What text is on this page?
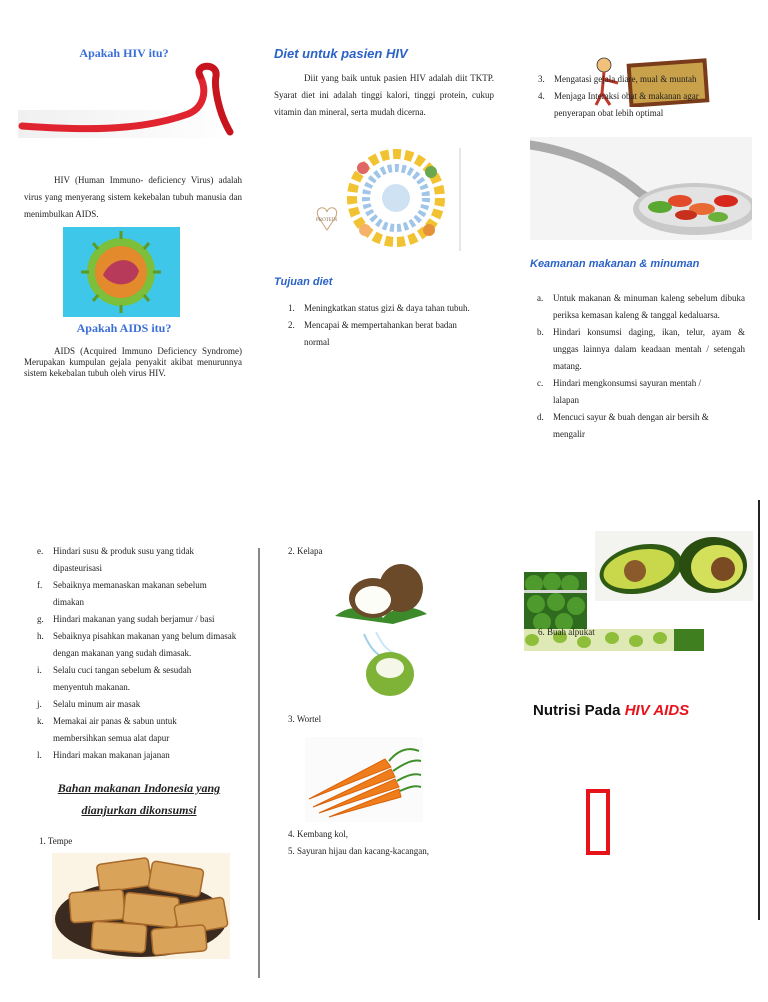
Apakah HIV itu?
HIV (Human Immuno- deficiency Virus) adalah virus yang menyerang sistem kekebalan tubuh manusia dan menimbulkan AIDS.
Apakah AIDS itu?
AIDS (Acquired Immuno Deficiency Syndrome) Merupakan kumpulan gejala penyakit akibat menurunnya sistem kekebalan tubuh oleh virus HIV.
Diet untuk pasien HIV
Diit yang baik untuk pasien HIV adalah diit TKTP. Syarat diet ini adalah tinggi kalori, tinggi protein, cukup vitamin dan mineral, serta mudah dicerna.
PROTEIN
Tujuan diet
1.	Meningkatkan status gizi & daya tahan tubuh.
2.	Mencapai & mempertahankan berat badan normal
3.	Mengatasi gejala diare, mual & muntah
4.	Menjaga Interaksi obat & makanan agar penyerapan obat lebih optimal
Keamanan makanan & minuman
a.	Untuk makanan & minuman kaleng sebelum dibuka periksa kemasan kaleng & tanggal kedaluarsa.
b.	Hindari konsumsi daging, ikan, telur, ayam & unggas lainnya dalam keadaan mentah / setengah matang.
c.	Hindari mengkonsumsi sayuran mentah / lalapan
d.	Mencuci sayur & buah dengan air bersih & mengalir
e.	Hindari susu & produk susu yang tidak dipasteurisasi
f.	Sebaiknya memanaskan makanan sebelum dimakan
g.	Hindari makanan yang sudah berjamur / basi
h.	Sebaiknya pisahkan makanan yang belum dimasak dengan makanan yang sudah dimasak.
i.	Selalu cuci tangan sebelum & sesudah menyentuh makanan.
j.	Selalu minum air masak
k.	Memakai air panas & sabun untuk membersihkan semua alat dapur
l.	Hindari makan makanan jajanan
Bahan makanan Indonesia yang dianjurkan dikonsumsi
1. Tempe
2. Kelapa
3. Wortel
4. Kembang kol,
5. Sayuran hijau dan kacang-kacangan,
6. Buah alpukat
Nutrisi Pada HIV AIDS
